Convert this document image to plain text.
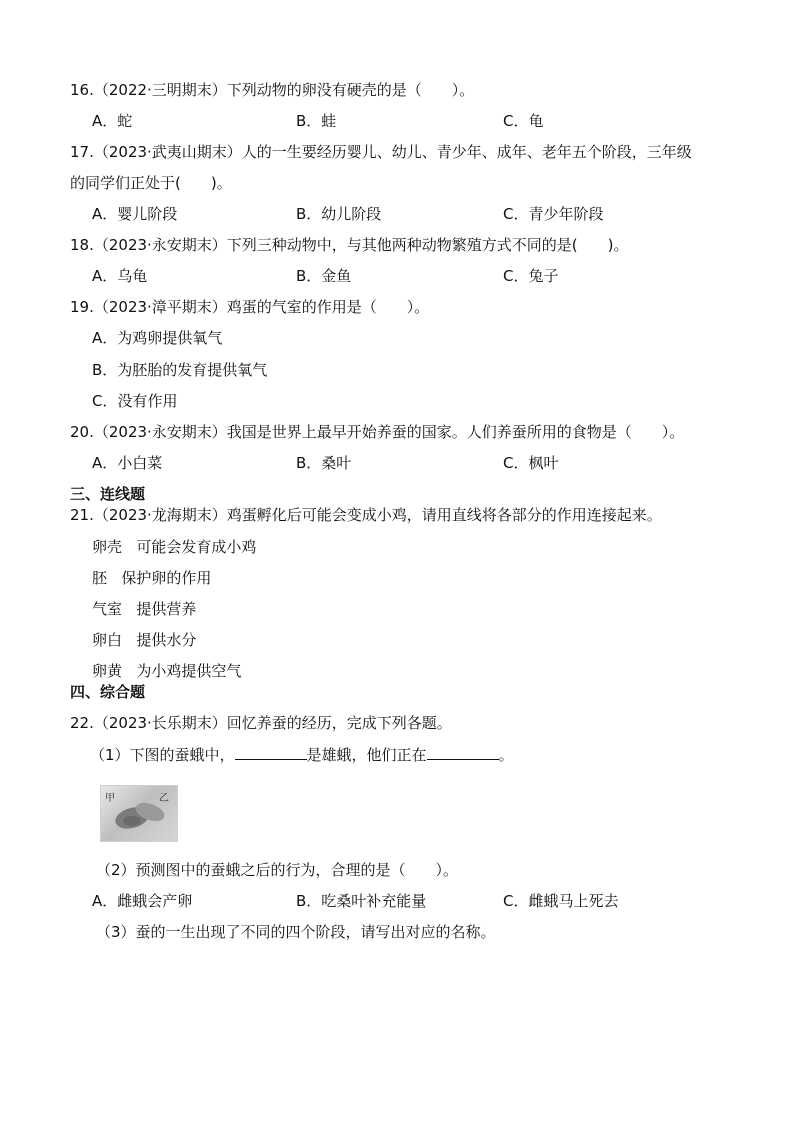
16.（2022·三明期末）下列动物的卵没有硬壳的是（　　）。
A．蛇	B．蛙	C．龟
17.（2023·武夷山期末）人的一生要经历婴儿、幼儿、青少年、成年、老年五个阶段，三年级
的同学们正处于(　　)。
A．婴儿阶段	B．幼儿阶段	C．青少年阶段
18.（2023·永安期末）下列三种动物中，与其他两种动物繁殖方式不同的是(　　)。
A．乌龟	B．金鱼	C．兔子
19.（2023·漳平期末）鸡蛋的气室的作用是（　　）。
A．为鸡卵提供氧气
B．为胚胎的发育提供氧气
C．没有作用
20.（2023·永安期末）我国是世界上最早开始养蚕的国家。人们养蚕所用的食物是（　　）。
A．小白菜	B．桑叶	C．枫叶
三、连线题
21.（2023·龙海期末）鸡蛋孵化后可能会变成小鸡，请用直线将各部分的作用连接起来。
卵壳 可能会发育成小鸡
胚 保护卵的作用
气室 提供营养
卵白 提供水分
卵黄 为小鸡提供空气
四、综合题
22.（2023·长乐期末）回忆养蚕的经历，完成下列各题。
（1）下图的蚕蛾中，	是雄蛾，他们正在	。
甲	乙
（2）预测图中的蚕蛾之后的行为，合理的是（　　）。
A．雌蛾会产卵	B．吃桑叶补充能量	C．雌蛾马上死去
（3）蚕的一生出现了不同的四个阶段，请写出对应的名称。
